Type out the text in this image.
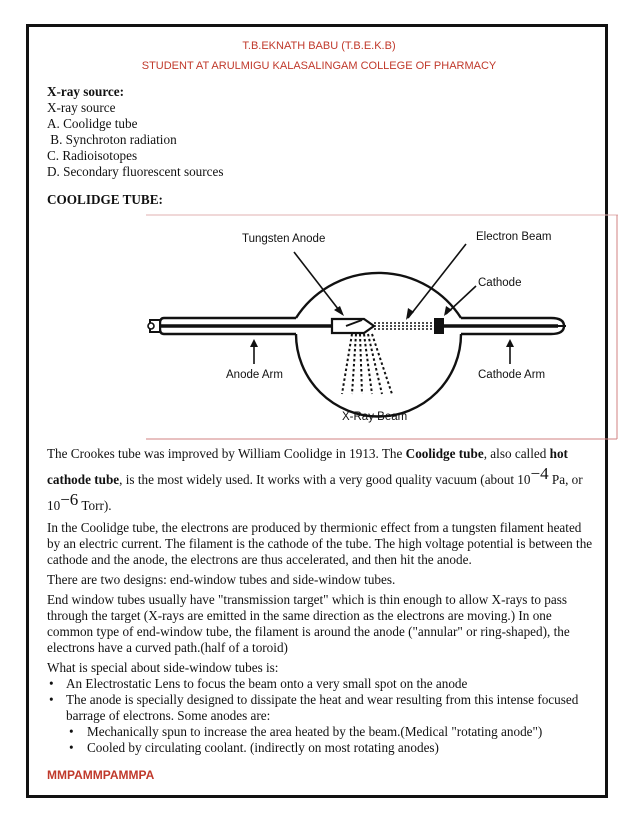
T.B.EKNATH BABU (T.B.E.K.B)
STUDENT AT ARULMIGU KALASALINGAM COLLEGE OF PHARMACY

X-ray source:

X-ray source

A. Coolidge tube

B. Synchroton radiation

C. Radioisotopes

D. Secondary fluorescent sources

COOLIDGE TUBE:

Tungsten Anode	Electron Beam
Cathode
Anode Arm	Cathode Arm
X-Ray Beam

The Crookes tube was improved by William Coolidge in 1913. The Coolidge tube, also called hot cathode tube, is the most widely used. It works with a very good quality vacuum (about 10−4 Pa, or 10−6 Torr).

In the Coolidge tube, the electrons are produced by thermionic effect from a tungsten filament heated by an electric current. The filament is the cathode of the tube. The high voltage potential is between the cathode and the anode, the electrons are thus accelerated, and then hit the anode.

There are two designs: end-window tubes and side-window tubes.

End window tubes usually have "transmission target" which is thin enough to allow X-rays to pass through the target (X-rays are emitted in the same direction as the electrons are moving.) In one common type of end-window tube, the filament is around the anode ("annular" or ring-shaped), the electrons have a curved path.(half of a toroid)

What is special about side-window tubes is:

• An Electrostatic Lens to focus the beam onto a very small spot on the anode
• The anode is specially designed to dissipate the heat and wear resulting from this intense focused barrage of electrons. Some anodes are:
• Mechanically spun to increase the area heated by the beam.(Medical "rotating anode")
• Cooled by circulating coolant. (indirectly on most rotating anodes)
MMPAMMPAMMPA
